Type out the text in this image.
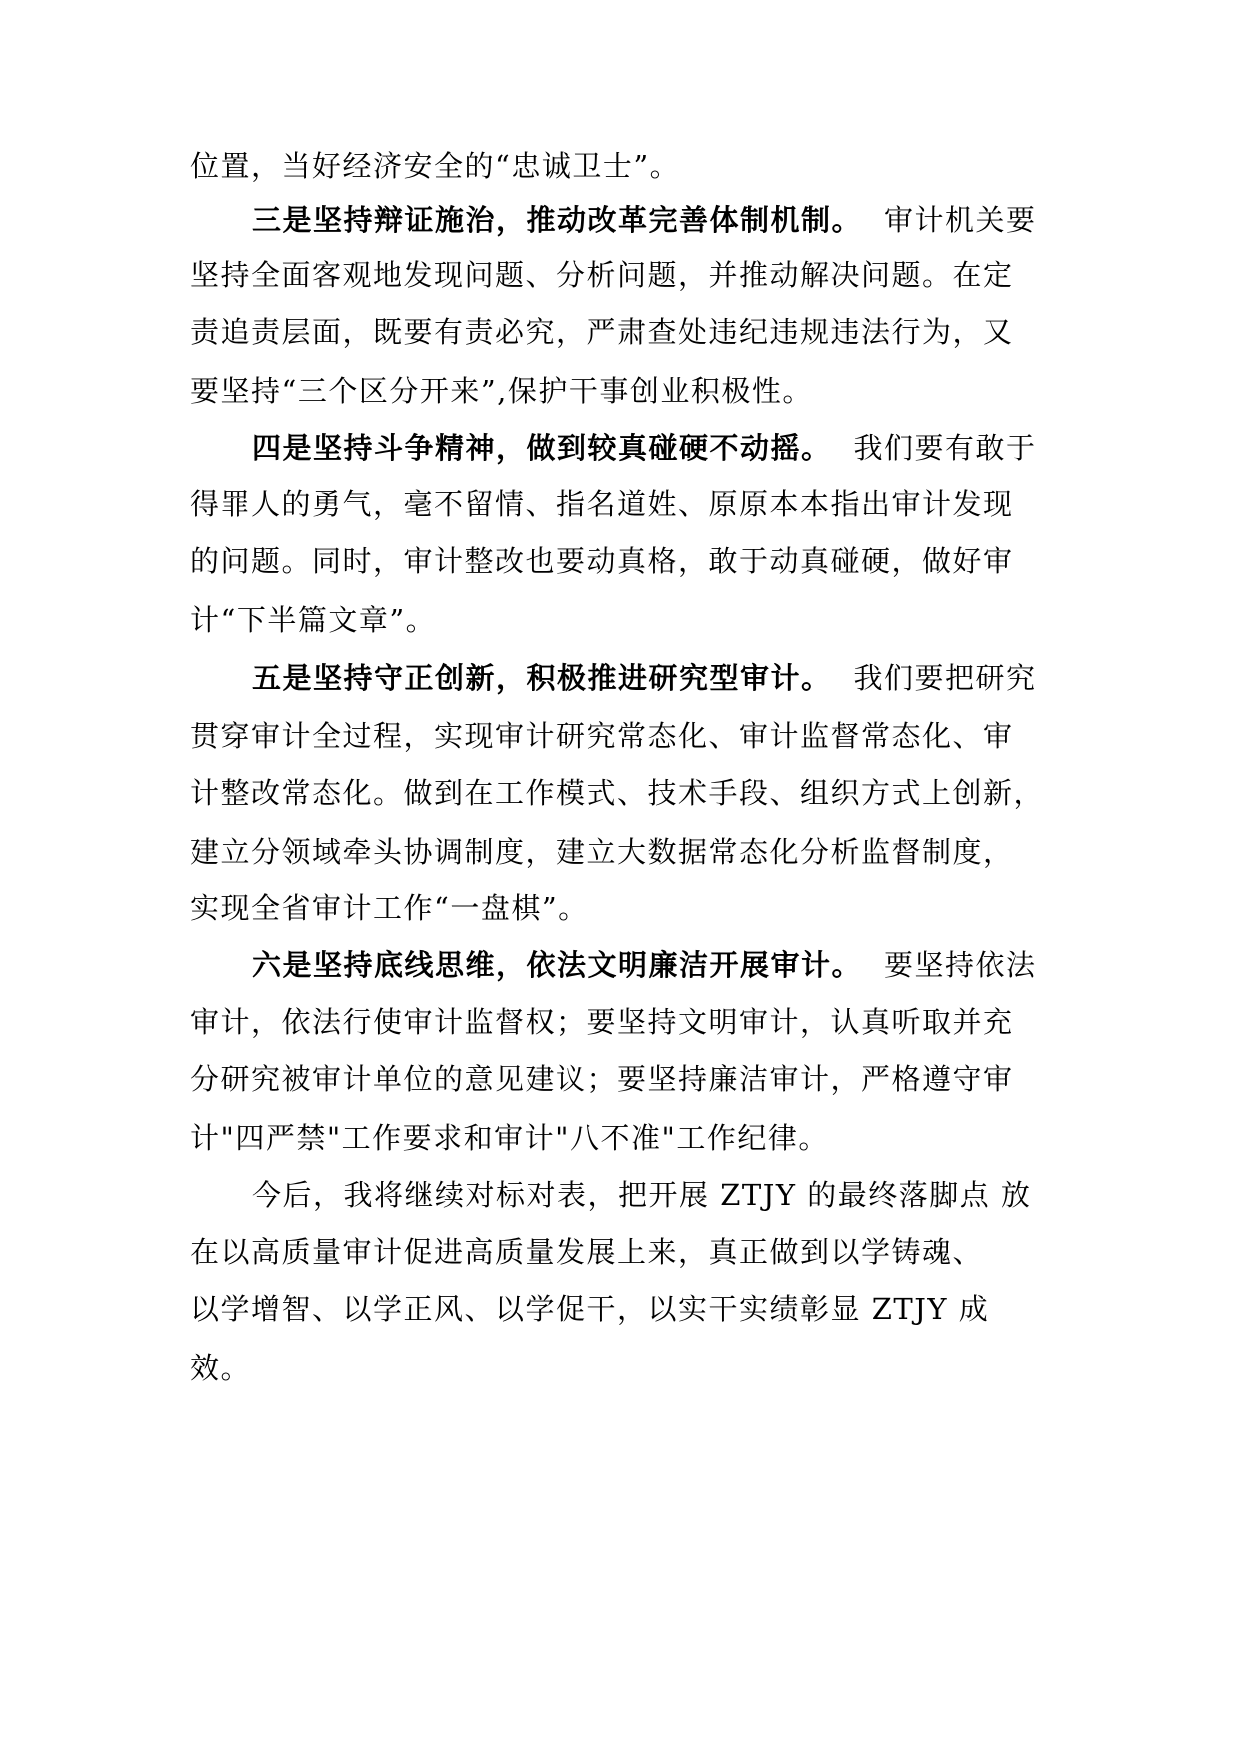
位置，当好经济安全的“忠诚卫士”。
三是坚持辩证施治，推动改革完善体制机制。 审计机关要
坚持全面客观地发现问题、分析问题，并推动解决问题。在定
责追责层面，既要有责必究，严肃查处违纪违规违法行为，又
要坚持“三个区分开来”,保护干事创业积极性。
四是坚持斗争精神，做到较真碰硬不动摇。 我们要有敢于
得罪人的勇气，毫不留情、指名道姓、原原本本指出审计发现
的问题。同时，审计整改也要动真格，敢于动真碰硬，做好审
计“下半篇文章”。
五是坚持守正创新，积极推进研究型审计。 我们要把研究
贯穿审计全过程，实现审计研究常态化、审计监督常态化、审
计整改常态化。做到在工作模式、技术手段、组织方式上创新，
建立分领域牵头协调制度，建立大数据常态化分析监督制度，
实现全省审计工作“一盘棋”。
六是坚持底线思维，依法文明廉洁开展审计。 要坚持依法
审计，依法行使审计监督权；要坚持文明审计，认真听取并充
分研究被审计单位的意见建议；要坚持廉洁审计，严格遵守审
计"四严禁"工作要求和审计"八不准"工作纪律。
今后，我将继续对标对表，把开展 ZTJY 的最终落脚点 放
在以高质量审计促进高质量发展上来，真正做到以学铸魂、
以学增智、以学正风、以学促干，以实干实绩彰显 ZTJY 成
效。
